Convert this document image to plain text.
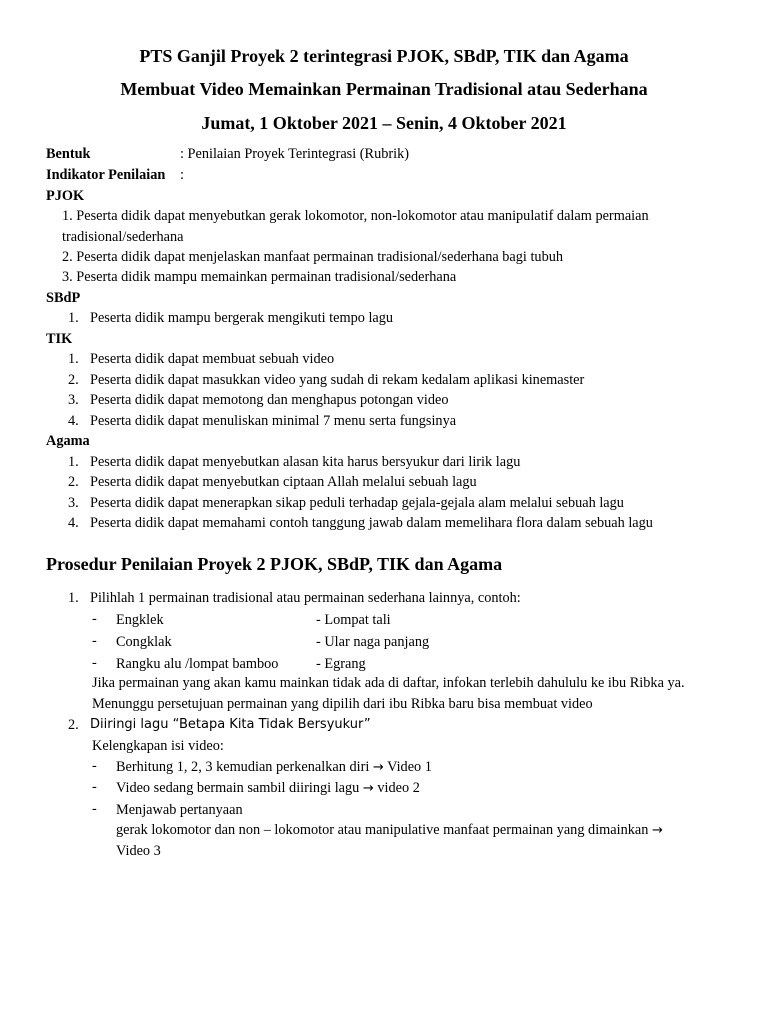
PTS Ganjil Proyek 2 terintegrasi PJOK, SBdP, TIK dan Agama
Membuat Video Memainkan Permainan Tradisional atau Sederhana
Jumat, 1 Oktober 2021 – Senin, 4 Oktober 2021
Bentuk	: Penilaian Proyek Terintegrasi (Rubrik)
Indikator Penilaian :
PJOK
1. Peserta didik dapat menyebutkan gerak lokomotor, non-lokomotor atau manipulatif dalam permaian
tradisional/sederhana
2. Peserta didik dapat menjelaskan manfaat permainan tradisional/sederhana bagi tubuh
3. Peserta didik mampu memainkan permainan tradisional/sederhana
SBdP
1. Peserta didik mampu bergerak mengikuti tempo lagu
TIK
1. Peserta didik dapat membuat sebuah video
2. Peserta didik dapat masukkan video yang sudah di rekam kedalam aplikasi kinemaster
3. Peserta didik dapat memotong dan menghapus potongan video
4. Peserta didik dapat menuliskan minimal 7 menu serta fungsinya
Agama
1. Peserta didik dapat menyebutkan alasan kita harus bersyukur dari lirik lagu
2. Peserta didik dapat menyebutkan ciptaan Allah melalui sebuah lagu
3. Peserta didik dapat menerapkan sikap peduli terhadap gejala-gejala alam melalui sebuah lagu
4. Peserta didik dapat memahami contoh tanggung jawab dalam memelihara flora dalam sebuah lagu
Prosedur Penilaian Proyek 2 PJOK, SBdP, TIK dan Agama
1. Pilihlah 1 permainan tradisional atau permainan sederhana lainnya, contoh:
- Engklek	- Lompat tali
- Congklak	- Ular naga panjang
- Rangku alu /lompat bamboo	- Egrang
Jika permainan yang akan kamu mainkan tidak ada di daftar, infokan terlebih dahululu ke ibu Ribka ya.
Menunggu persetujuan permainan yang dipilih dari ibu Ribka baru bisa membuat video
2. Diiringi lagu “Betapa Kita Tidak Bersyukur”
Kelengkapan isi video:
- Berhitung 1, 2, 3 kemudian perkenalkan diri → Video 1
- Video sedang bermain sambil diiringi lagu → video 2
- Menjawab pertanyaan
gerak lokomotor dan non – lokomotor atau manipulative manfaat permainan yang dimainkan →
Video 3
